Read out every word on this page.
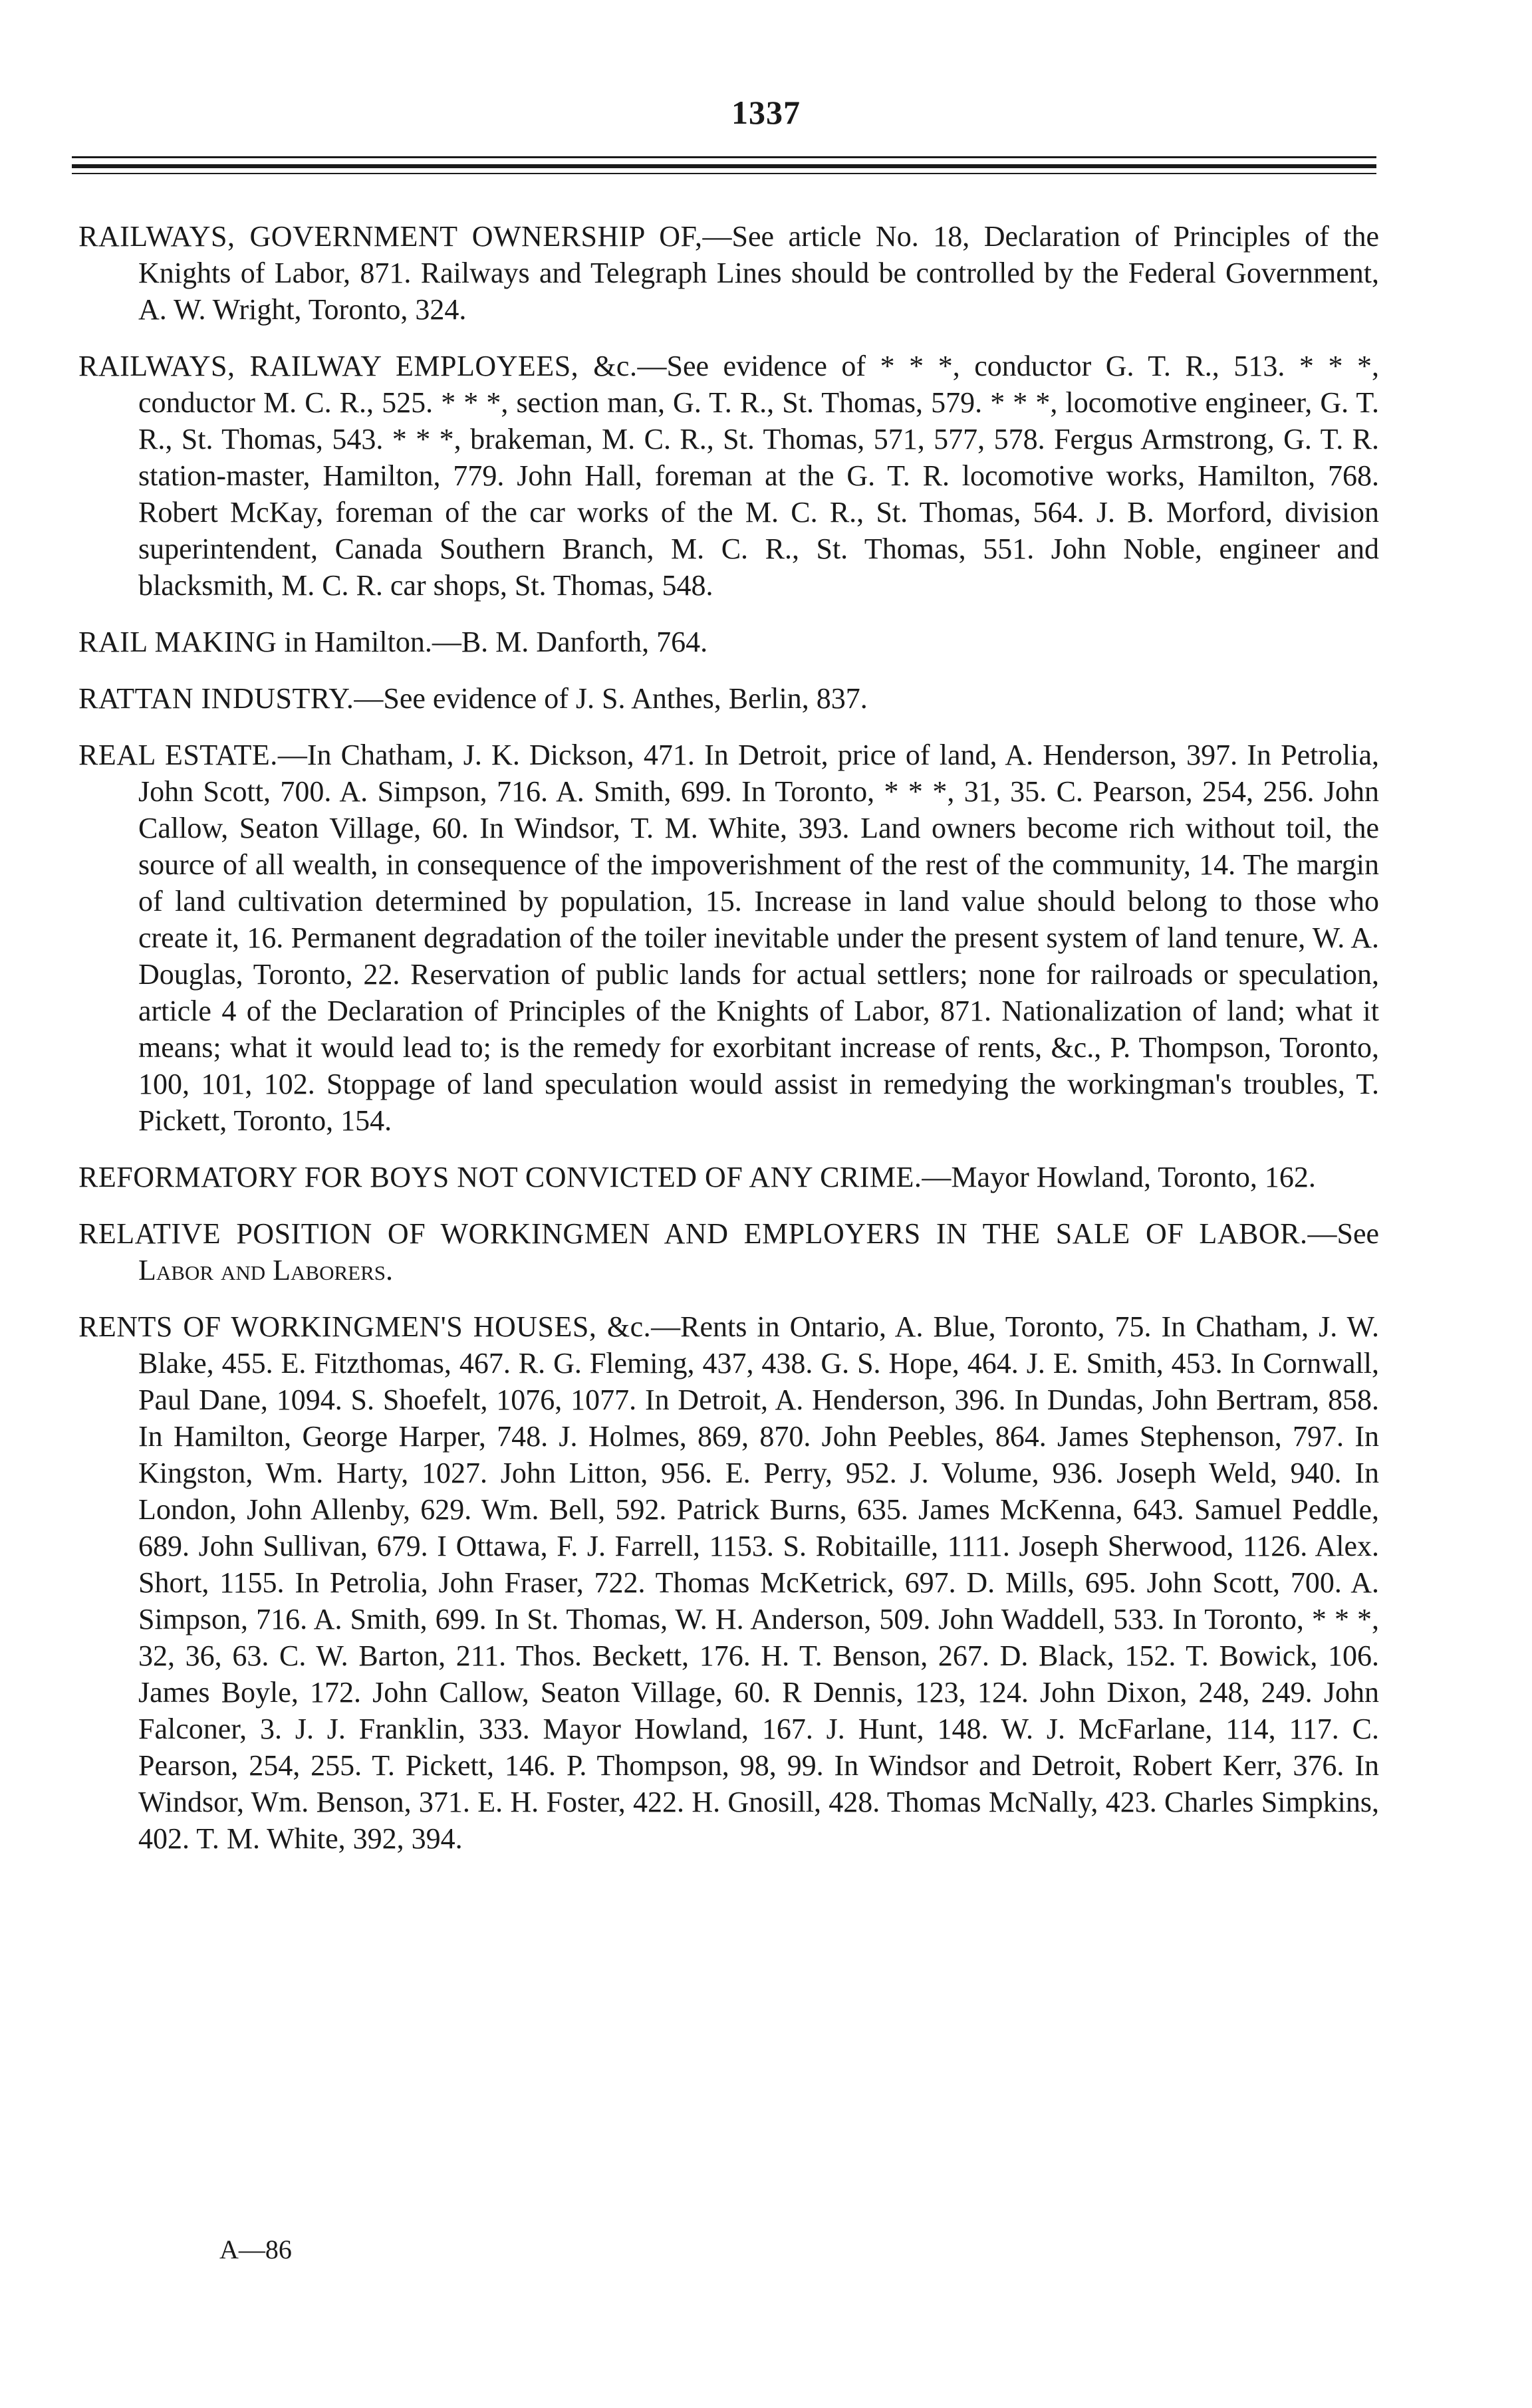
1337

RAILWAYS, GOVERNMENT OWNERSHIP OF,—See article No. 18, Declaration of Principles of the Knights of Labor, 871. Railways and Telegraph Lines should be controlled by the Federal Government, A. W. Wright, Toronto, 324.

RAILWAYS, RAILWAY EMPLOYEES, &c.—See evidence of * * *, conductor G. T. R., 513. * * *, conductor M. C. R., 525. * * *, section man, G. T. R., St. Thomas, 579. * * *, locomotive engineer, G. T. R., St. Thomas, 543. * * *, brakeman, M. C. R., St. Thomas, 571, 577, 578. Fergus Armstrong, G. T. R. station-master, Hamilton, 779. John Hall, foreman at the G. T. R. locomotive works, Hamilton, 768. Robert McKay, foreman of the car works of the M. C. R., St. Thomas, 564. J. B. Morford, division superintendent, Canada Southern Branch, M. C. R., St. Thomas, 551. John Noble, engineer and blacksmith, M. C. R. car shops, St. Thomas, 548.

RAIL MAKING in Hamilton.—B. M. Danforth, 764.

RATTAN INDUSTRY.—See evidence of J. S. Anthes, Berlin, 837.

REAL ESTATE.—In Chatham, J. K. Dickson, 471. In Detroit, price of land, A. Henderson, 397. In Petrolia, John Scott, 700. A. Simpson, 716. A. Smith, 699. In Toronto, * * *, 31, 35. C. Pearson, 254, 256. John Callow, Seaton Village, 60. In Windsor, T. M. White, 393. Land owners become rich without toil, the source of all wealth, in consequence of the impoverishment of the rest of the community, 14. The margin of land cultivation determined by population, 15. Increase in land value should belong to those who create it, 16. Permanent degradation of the toiler inevitable under the present system of land tenure, W. A. Douglas, Toronto, 22. Reservation of public lands for actual settlers; none for railroads or speculation, article 4 of the Declaration of Principles of the Knights of Labor, 871. Nationalization of land; what it means; what it would lead to; is the remedy for exorbitant increase of rents, &c., P. Thompson, Toronto, 100, 101, 102. Stoppage of land speculation would assist in remedying the workingman's troubles, T. Pickett, Toronto, 154.

REFORMATORY FOR BOYS NOT CONVICTED OF ANY CRIME.—Mayor Howland, Toronto, 162.

RELATIVE POSITION OF WORKINGMEN AND EMPLOYERS IN THE SALE OF LABOR.—See Labor and Laborers.

RENTS OF WORKINGMEN'S HOUSES, &c.—Rents in Ontario, A. Blue, Toronto, 75. In Chatham, J. W. Blake, 455. E. Fitzthomas, 467. R. G. Fleming, 437, 438. G. S. Hope, 464. J. E. Smith, 453. In Cornwall, Paul Dane, 1094. S. Shoefelt, 1076, 1077. In Detroit, A. Henderson, 396. In Dundas, John Bertram, 858. In Hamilton, George Harper, 748. J. Holmes, 869, 870. John Peebles, 864. James Stephenson, 797. In Kingston, Wm. Harty, 1027. John Litton, 956. E. Perry, 952. J. Volume, 936. Joseph Weld, 940. In London, John Allenby, 629. Wm. Bell, 592. Patrick Burns, 635. James McKenna, 643. Samuel Peddle, 689. John Sullivan, 679. I Ottawa, F. J. Farrell, 1153. S. Robitaille, 1111. Joseph Sherwood, 1126. Alex. Short, 1155. In Petrolia, John Fraser, 722. Thomas McKetrick, 697. D. Mills, 695. John Scott, 700. A. Simpson, 716. A. Smith, 699. In St. Thomas, W. H. Anderson, 509. John Waddell, 533. In Toronto, * * *, 32, 36, 63. C. W. Barton, 211. Thos. Beckett, 176. H. T. Benson, 267. D. Black, 152. T. Bowick, 106. James Boyle, 172. John Callow, Seaton Village, 60. R Dennis, 123, 124. John Dixon, 248, 249. John Falconer, 3. J. J. Franklin, 333. Mayor Howland, 167. J. Hunt, 148. W. J. McFarlane, 114, 117. C. Pearson, 254, 255. T. Pickett, 146. P. Thompson, 98, 99. In Windsor and Detroit, Robert Kerr, 376. In Windsor, Wm. Benson, 371. E. H. Foster, 422. H. Gnosill, 428. Thomas McNally, 423. Charles Simpkins, 402. T. M. White, 392, 394.

A—86
